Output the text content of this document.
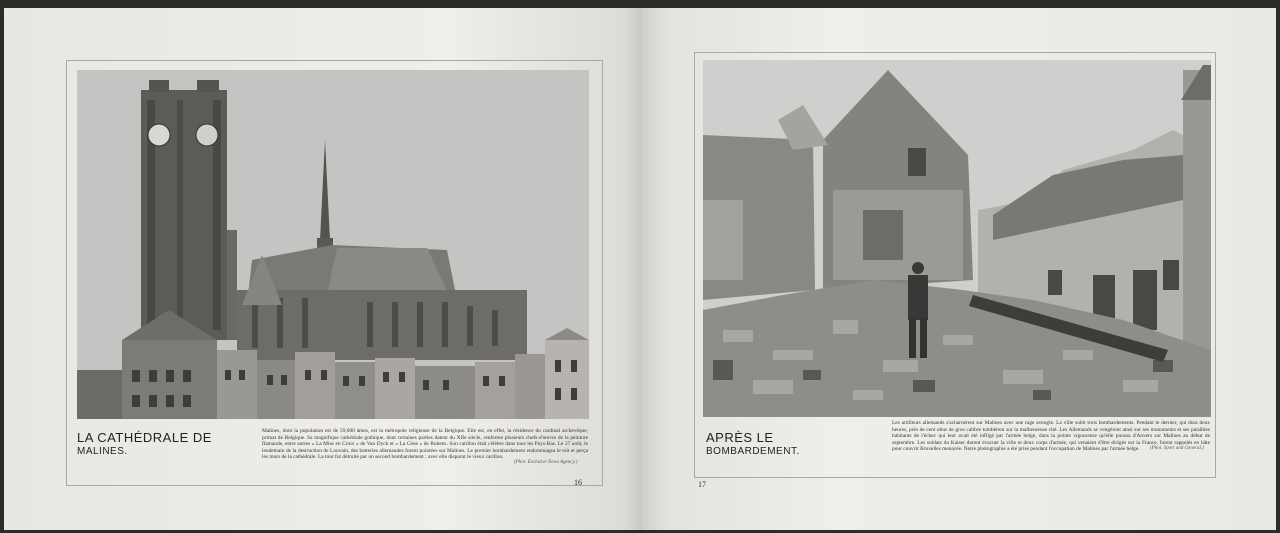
LA CATHÉDRALE DE
MALINES.
Malines, dont la population est de 59,000 âmes, est la métropole religieuse de la Belgique. Elle est, en effet, la résidence du cardinal archevêque, primat de Belgique. Sa magnifique cathédrale gothique, dont certaines parties datent du XIIe siècle, renferme plusieurs chefs-d'œuvre de la peinture flamande, entre autres « La Mise en Croix » de Van Dyck et « La Cène » de Rubens. Son carillon était célèbre dans tous les Pays-Bas. Le 27 août, le lendemain de la destruction de Louvain, des batteries allemandes furent pointées sur Malines. Le premier bombardement endommagea le toit et perça les murs de la cathédrale. La tour fut détruite par un second bombardement ; avec elle disparut le vieux carillon.
(Phot. Exclusive News Agency.)
16
APRÈS LE
BOMBARDEMENT.
Les artilleurs allemands s'acharnèrent sur Malines avec une rage aveugle. La ville subit trois bombardements. Pendant le dernier, qui dura deux heures, près de cent obus de gros calibre tombèrent sur la malheureuse cité. Les Allemands se vengèrent ainsi sur ses monuments et ses paisibles habitants de l'échec qui leur avait été infligé par l'armée belge, dans la pointe vigoureuse qu'elle poussa d'Anvers sur Malines au début de septembre. Les soldats du Kaiser durent évacuer la ville et deux corps d'armée, qui venaient d'être dirigés sur la France, furent rappelés en hâte pour couvrir Bruxelles menacée. Notre photographie a été prise pendant l'occupation de Malines par l'armée belge.	(Phot. Sport and General.)
17
